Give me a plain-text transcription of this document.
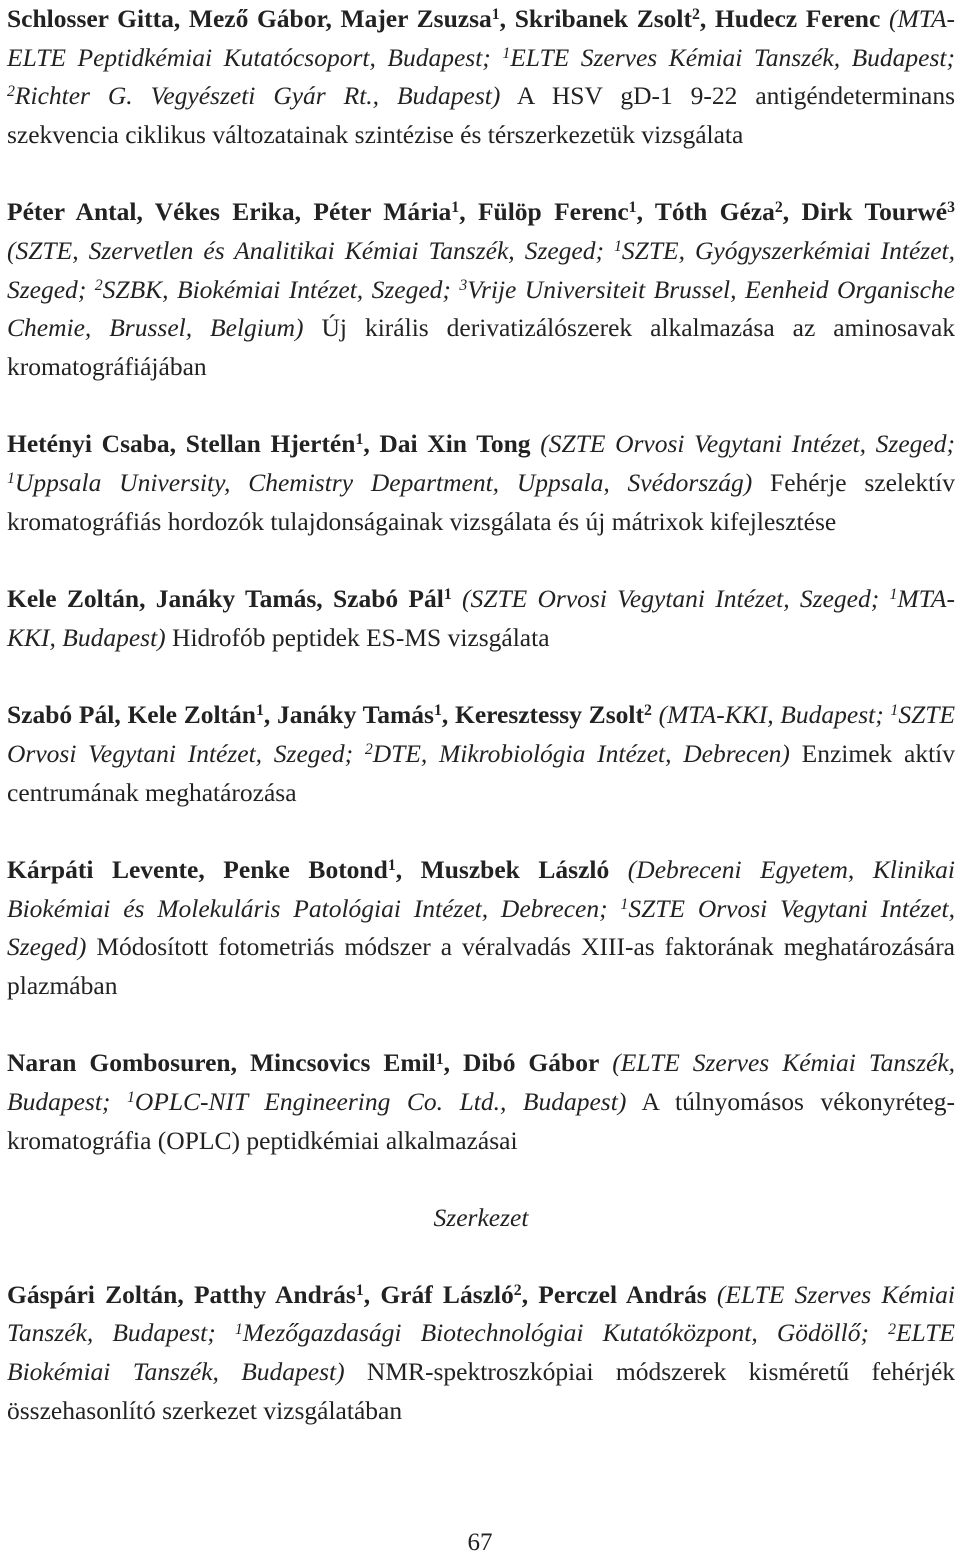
Schlosser Gitta, Mező Gábor, Majer Zsuzsa$^1$, Skribanek Zsolt$^2$, Hudecz Ferenc (MTA-ELTE Peptidkémiai Kutatócsoport, Budapest; $^1$ELTE Szerves Kémiai Tanszék, Budapest; $^2$Richter G. Vegyészeti Gyár Rt., Budapest) A HSV gD-1 9-22 antigéndeterminans szekvencia ciklikus változatainak szintézise és térszerkezetük vizsgálata

Péter Antal, Vékes Erika, Péter Mária$^1$, Fülöp Ferenc$^1$, Tóth Géza$^2$, Dirk Tourwé$^3$ (SZTE, Szervetlen és Analitikai Kémiai Tanszék, Szeged; $^1$SZTE, Gyógyszerkémiai Intézet, Szeged; $^2$SZBK, Biokémiai Intézet, Szeged; $^3$Vrije Universiteit Brussel, Eenheid Organische Chemie, Brussel, Belgium) Új királis derivatizálószerek alkalmazása az aminosavak kromatográfiájában

Hetényi Csaba, Stellan Hjertén$^1$, Dai Xin Tong (SZTE Orvosi Vegytani Intézet, Szeged; $^1$Uppsala University, Chemistry Department, Uppsala, Svédország) Fehérje szelektív kromatográfiás hordozók tulajdonságainak vizsgálata és új mátrixok kifejlesztése

Kele Zoltán, Janáky Tamás, Szabó Pál$^1$ (SZTE Orvosi Vegytani Intézet, Szeged; $^1$MTA-KKI, Budapest) Hidrofób peptidek ES-MS vizsgálata

Szabó Pál, Kele Zoltán$^1$, Janáky Tamás$^1$, Keresztessy Zsolt$^2$ (MTA-KKI, Budapest; $^1$SZTE Orvosi Vegytani Intézet, Szeged; $^2$DTE, Mikrobiológia Intézet, Debrecen) Enzimek aktív centrumának meghatározása

Kárpáti Levente, Penke Botond$^1$, Muszbek László (Debreceni Egyetem, Klinikai Biokémiai és Molekuláris Patológiai Intézet, Debrecen; $^1$SZTE Orvosi Vegytani Intézet, Szeged) Módosított fotometriás módszer a véralvadás XIII-as faktorának meghatározására plazmában

Naran Gombosuren, Mincsovics Emil$^1$, Dibó Gábor (ELTE Szerves Kémiai Tanszék, Budapest; $^1$OPLC-NIT Engineering Co. Ltd., Budapest) A túlnyomásos vékonyréteg-kromatográfia (OPLC) peptidkémiai alkalmazásai

Szerkezet

Gáspári Zoltán, Patthy András$^1$, Gráf László$^2$, Perczel András (ELTE Szerves Kémiai Tanszék, Budapest; $^1$Mezőgazdasági Biotechnológiai Kutatóközpont, Gödöllő; $^2$ELTE Biokémiai Tanszék, Budapest) NMR-spektroszkópiai módszerek kisméretű fehérjék összehasonlító szerkezet vizsgálatában

67
